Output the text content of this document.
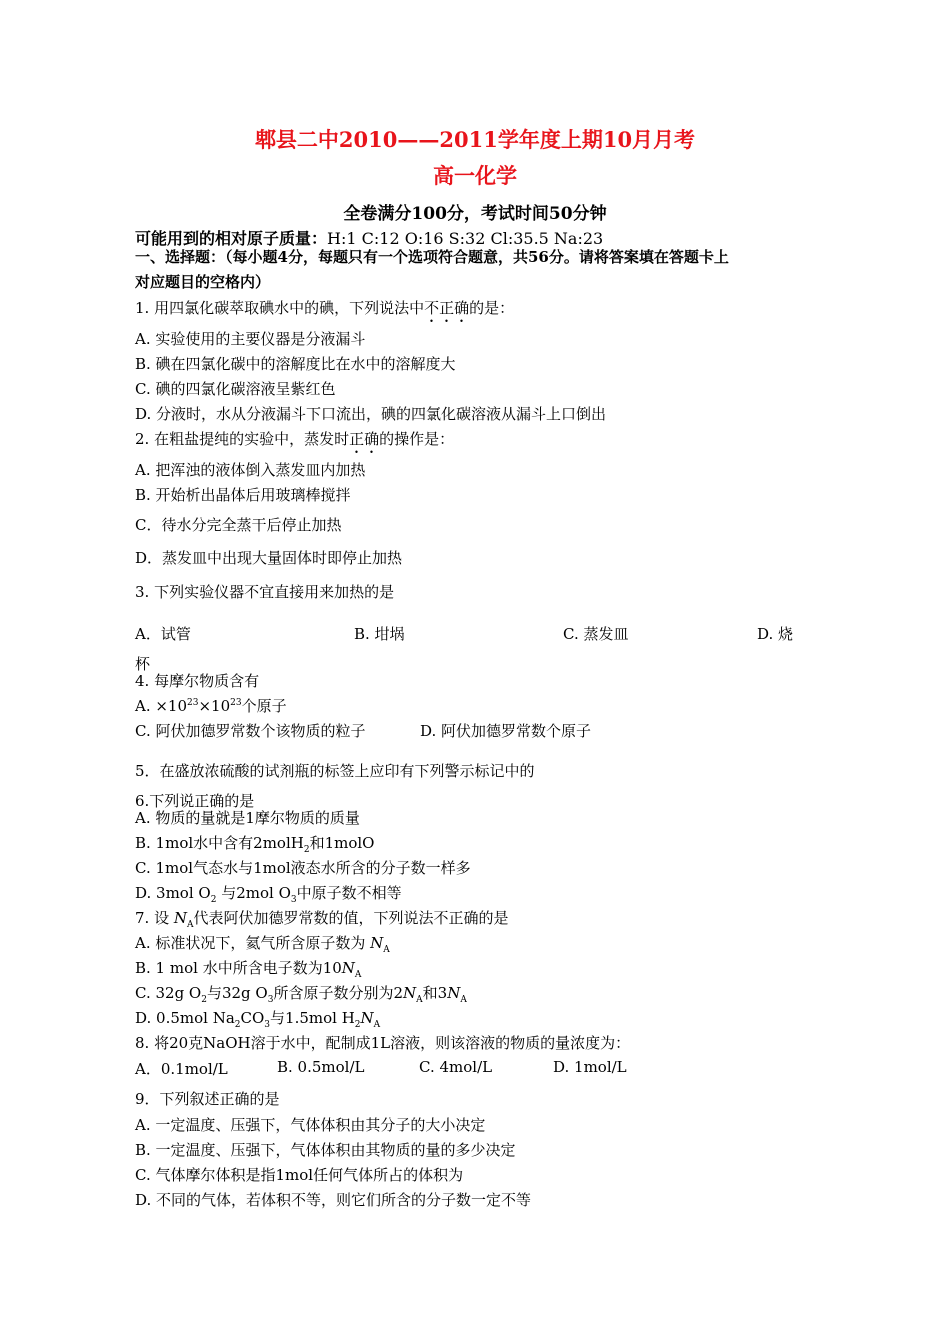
郫县二中2010——2011学年度上期10月月考
高一化学
全卷满分100分，考试时间50分钟
可能用到的相对原子质量：H:1 C:12 O:16 S:32 Cl:35.5 Na:23
一、选择题：（每小题4分，每题只有一个选项符合题意，共56分。请将答案填在答题卡上
对应题目的空格内）
1. 用四氯化碳萃取碘水中的碘，下列说法中不正确的是：
A. 实验使用的主要仪器是分液漏斗
B. 碘在四氯化碳中的溶解度比在水中的溶解度大
C. 碘的四氯化碳溶液呈紫红色
D. 分液时，水从分液漏斗下口流出，碘的四氯化碳溶液从漏斗上口倒出
2. 在粗盐提纯的实验中，蒸发时正确的操作是：
A. 把浑浊的液体倒入蒸发皿内加热
B. 开始析出晶体后用玻璃棒搅拌
C．待水分完全蒸干后停止加热
D．蒸发皿中出现大量固体时即停止加热
3. 下列实验仪器不宜直接用来加热的是
A．试管	B. 坩埚	C. 蒸发皿	D. 烧
杯
4. 每摩尔物质含有
A. $\times 10^{23}\times 10^{23}$个原子
C. 阿伏加德罗常数个该物质的粒子	D. 阿伏加德罗常数个原子
5．在盛放浓硫酸的试剂瓶的标签上应印有下列警示标记中的
6.下列说正确的是
A. 物质的量就是1摩尔物质的质量
B. 1mol水中含有2molH$_2$和1molO
C. 1mol气态水与1mol液态水所含的分子数一样多
D. 3mol $O_2$ 与2mol $O_3$中原子数不相等
7. 设 $N_A$代表阿伏加德罗常数的值，下列说法不正确的是
A. 标准状况下，氦气所含原子数为 $N_A$
B. 1 mol 水中所含电子数为$10N_A$
C. 32g $O_2$与32g $O_3$所含原子数分别为$2N_A$和$3N_A$
D. 0.5mol $Na_2CO_3$与1.5mol $H_2N_A$
8. 将20克NaOH溶于水中，配制成1L溶液，则该溶液的物质的量浓度为：
A．0.1mol/L	B. 0.5mol/L	C. 4mol/L	D. 1mol/L
9．下列叙述正确的是
A. 一定温度、压强下，气体体积由其分子的大小决定
B. 一定温度、压强下，气体体积由其物质的量的多少决定
C. 气体摩尔体积是指1mol任何气体所占的体积为
D. 不同的气体，若体积不等，则它们所含的分子数一定不等
